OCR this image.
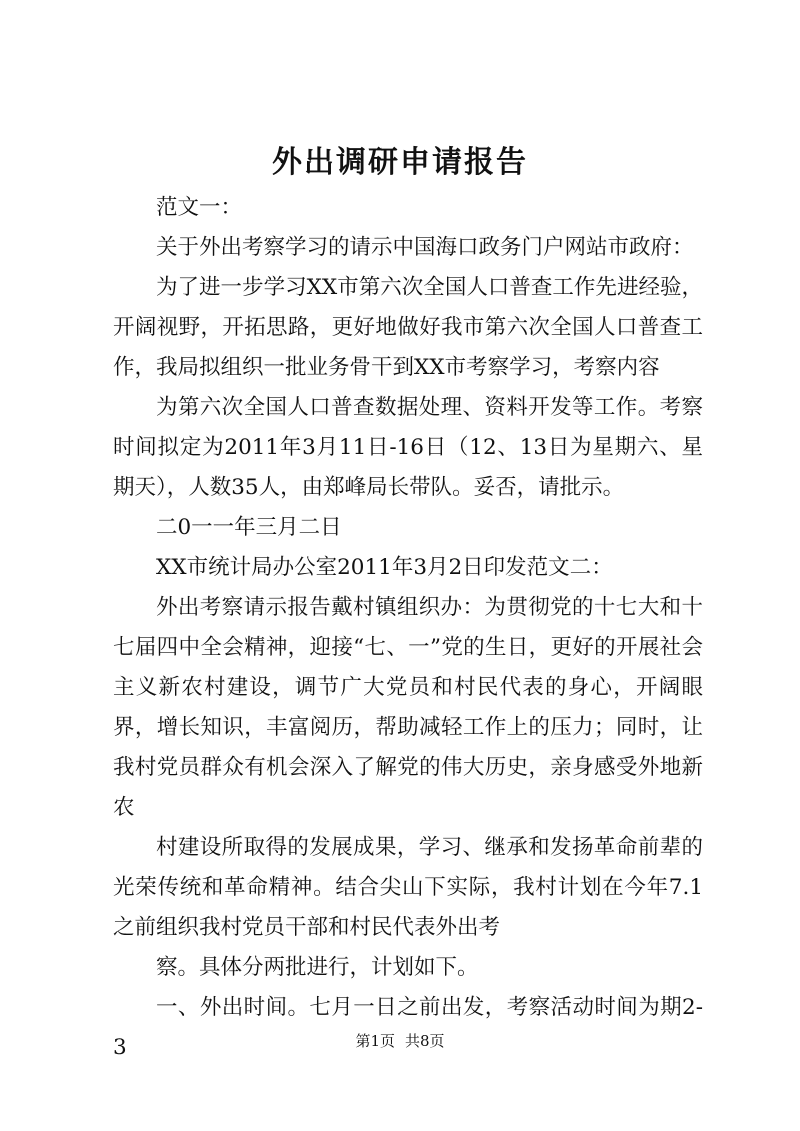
外出调研申请报告

范文一：

关于外出考察学习的请示中国海口政务门户网站市政府：

为了进一步学习XX市第六次全国人口普查工作先进经验，开阔视野，开拓思路，更好地做好我市第六次全国人口普查工作，我局拟组织一批业务骨干到XX市考察学习，考察内容

为第六次全国人口普查数据处理、资料开发等工作。考察时间拟定为2011年3月11日-16日（12、13日为星期六、星期天），人数35人，由郑峰局长带队。妥否，请批示。

二0一一年三月二日

XX市统计局办公室2011年3月2日印发范文二：

外出考察请示报告戴村镇组织办：为贯彻党的十七大和十七届四中全会精神，迎接“七、一”党的生日，更好的开展社会主义新农村建设，调节广大党员和村民代表的身心，开阔眼界，增长知识，丰富阅历，帮助减轻工作上的压力；同时，让我村党员群众有机会深入了解党的伟大历史，亲身感受外地新农

村建设所取得的发展成果，学习、继承和发扬革命前辈的光荣传统和革命精神。结合尖山下实际，我村计划在今年7.1之前组织我村党员干部和村民代表外出考

察。具体分两批进行，计划如下。

一、外出时间。七月一日之前出发，考察活动时间为期2-3	第1页 共8页
